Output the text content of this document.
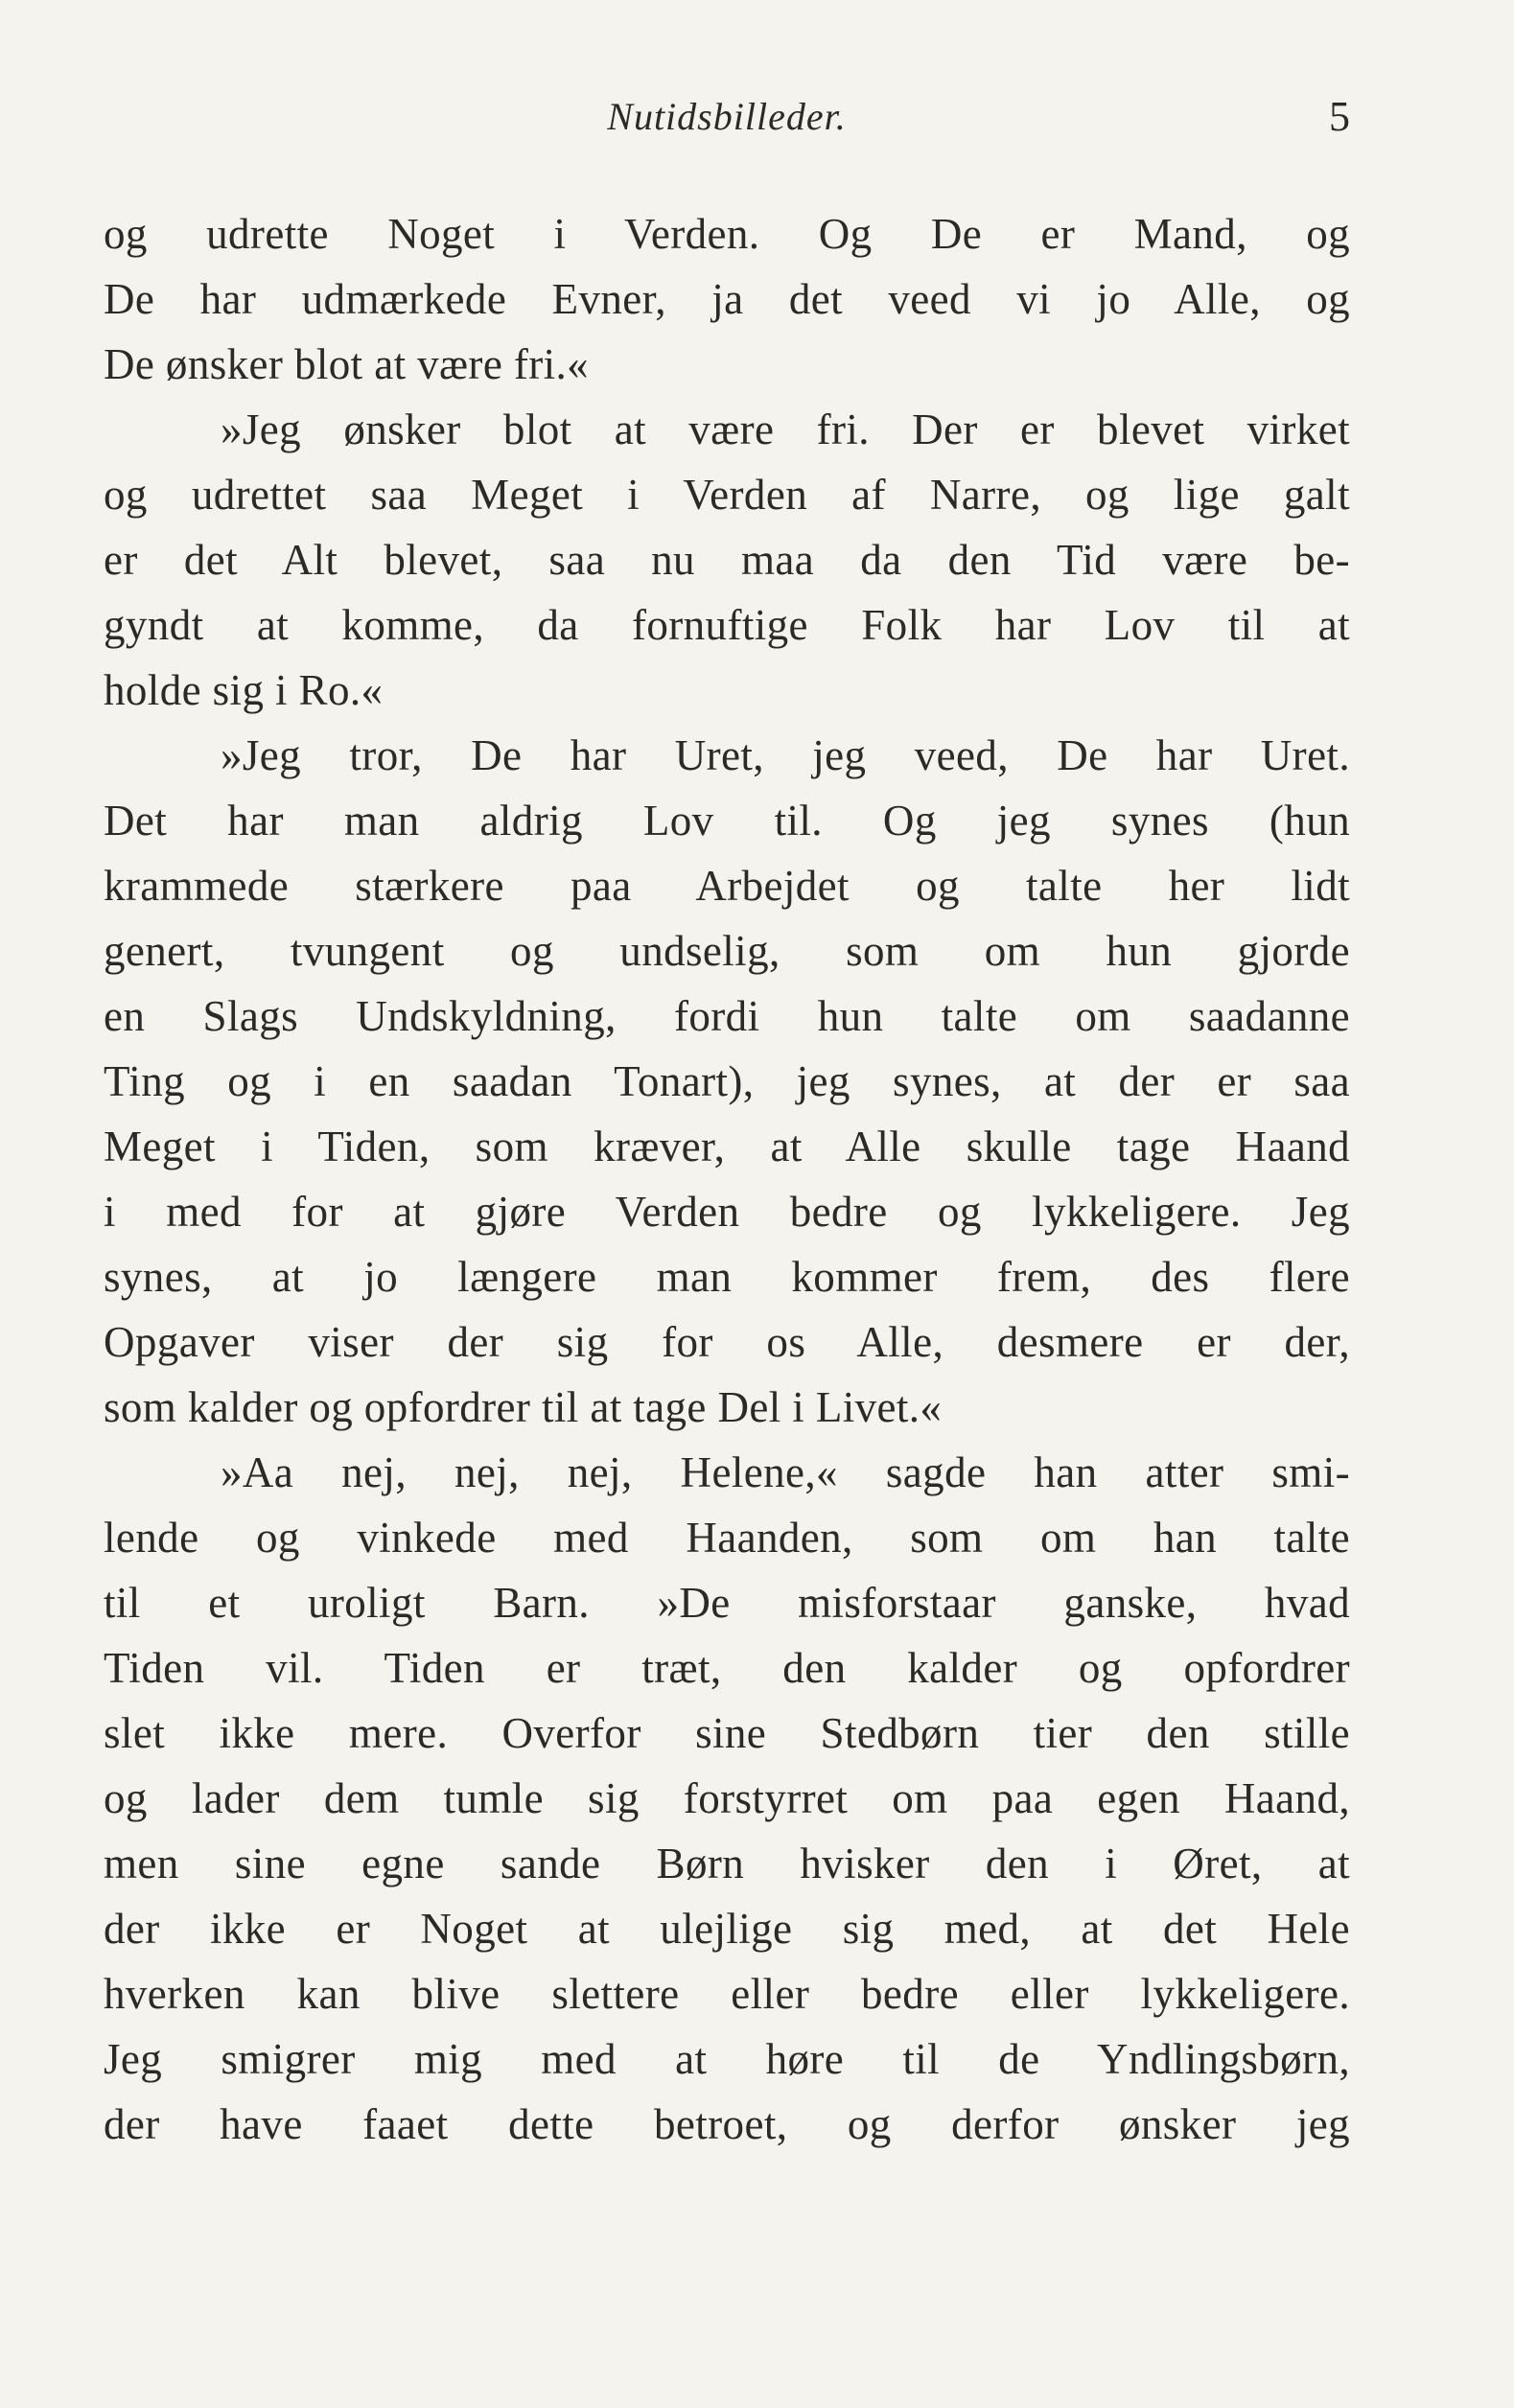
Nutidsbilleder.	5
og udrette Noget i Verden. Og De er Mand, og
De har udmærkede Evner, ja det veed vi jo Alle, og
De ønsker blot at være fri.«
»Jeg ønsker blot at være fri. Der er blevet virket
og udrettet saa Meget i Verden af Narre, og lige galt
er det Alt blevet, saa nu maa da den Tid være be-
gyndt at komme, da fornuftige Folk har Lov til at
holde sig i Ro.«
»Jeg tror, De har Uret, jeg veed, De har Uret.
Det har man aldrig Lov til. Og jeg synes (hun
krammede stærkere paa Arbejdet og talte her lidt
genert, tvungent og undselig, som om hun gjorde
en Slags Undskyldning, fordi hun talte om saadanne
Ting og i en saadan Tonart), jeg synes, at der er saa
Meget i Tiden, som kræver, at Alle skulle tage Haand
i med for at gjøre Verden bedre og lykkeligere. Jeg
synes, at jo længere man kommer frem, des flere
Opgaver viser der sig for os Alle, desmere er der,
som kalder og opfordrer til at tage Del i Livet.«
»Aa nej, nej, nej, Helene,« sagde han atter smi-
lende og vinkede med Haanden, som om han talte
til et uroligt Barn. »De misforstaar ganske, hvad
Tiden vil. Tiden er træt, den kalder og opfordrer
slet ikke mere. Overfor sine Stedbørn tier den stille
og lader dem tumle sig forstyrret om paa egen Haand,
men sine egne sande Børn hvisker den i Øret, at
der ikke er Noget at ulejlige sig med, at det Hele
hverken kan blive slettere eller bedre eller lykkeligere.
Jeg smigrer mig med at høre til de Yndlingsbørn,
der have faaet dette betroet, og derfor ønsker jeg
